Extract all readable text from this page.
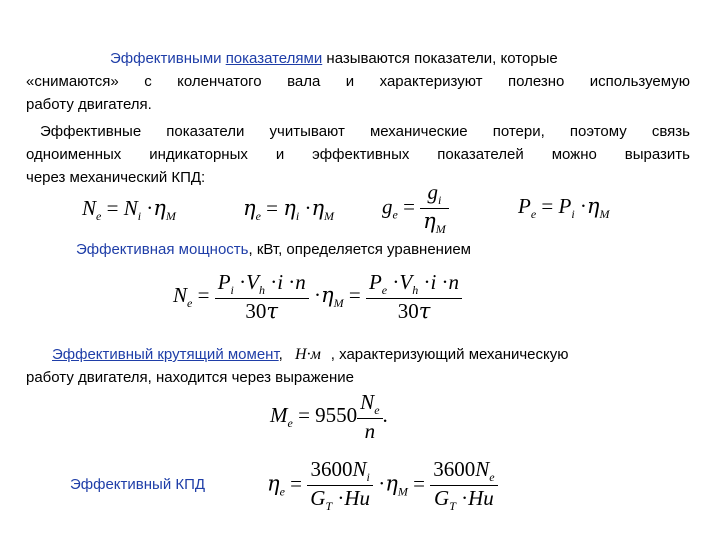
Эффективными показателями называются показатели, которые
«снимаются» с коленчатого вала и характеризуют полезно используемую
работу двигателя.
Эффективные показатели учитывают механические потери, поэтому связь
одноименных индикаторных и эффективных показателей можно выразить
через механический КПД:
$N_e = N_i \cdot\eta_M$	$\eta_e = \eta_i \cdot\eta_M$ $g_e = \frac{g_i}{\eta_M}$	$P_e = P_i \cdot\eta_M$
Эффективная мощность, кВт, определяется уравнением
$N_e = \frac{P_i \cdot V_h \cdot i \cdot n}{30\tau} \cdot\eta_M = \frac{P_e \cdot V_h \cdot i \cdot n}{30\tau}$
Эффективный крутящий момент, Н·м , характеризующий механическую
работу двигателя, находится через выражение
$M_e = 9550 \frac{N_e}{n}$ .
Эффективный КПД	$\eta_e = \frac{3600N_i}{G_T \cdot Hu} \cdot\eta_M = \frac{3600N_e}{G_T \cdot Hu}$
